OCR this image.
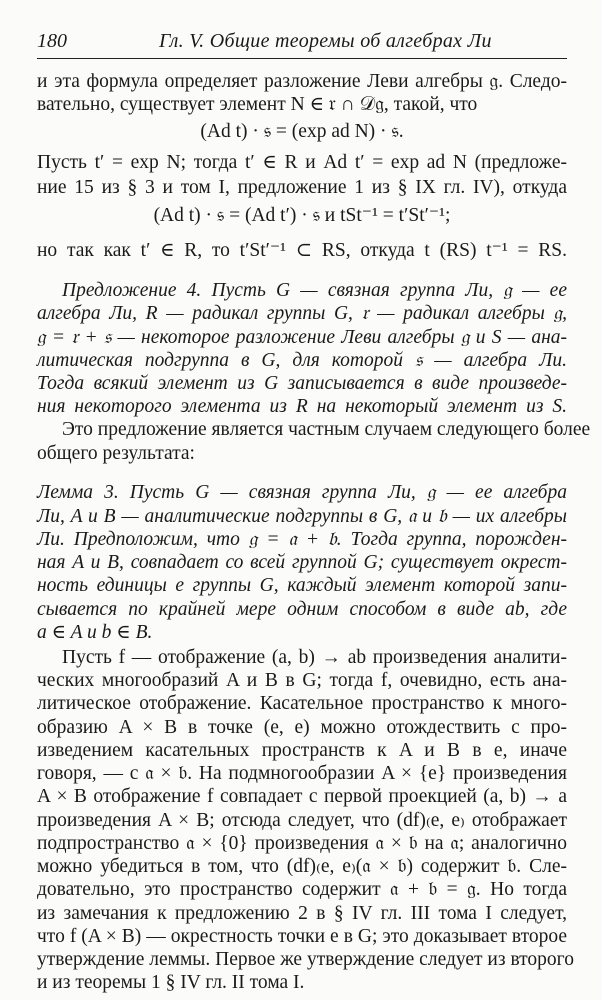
180	Гл. V. Общие теоремы об алгебрах Ли
и эта формула определяет разложение Леви алгебры 𝔤. Следо-
вательно, существует элемент N ∈ 𝔯 ∩ 𝒟𝔤, такой, что
(Ad t) · 𝔰 = (exp ad N) · 𝔰.
Пусть t′ = exp N; тогда t′ ∈ R и Ad t′ = exp ad N (предложе-
ние 15 из § 3 и том I, предложение 1 из § IX гл. IV), откуда
(Ad t) · 𝔰 = (Ad t′) · 𝔰 и tSt⁻¹ = t′St′⁻¹;
но так как t′ ∈ R, то t′St′⁻¹ ⊂ RS, откуда t (RS) t⁻¹ = RS.
Предложение 4. Пусть G — связная группа Ли, 𝔤 — ее
алгебра Ли, R — радикал группы G, 𝔯 — радикал алгебры 𝔤,
𝔤 = 𝔯 + 𝔰 — некоторое разложение Леви алгебры 𝔤 и S — ана-
литическая подгруппа в G, для которой 𝔰 — алгебра Ли.
Тогда всякий элемент из G записывается в виде произведе-
ния некоторого элемента из R на некоторый элемент из S.
Это предложение является частным случаем следующего более
общего результата:
Лемма 3. Пусть G — связная группа Ли, 𝔤 — ее алгебра
Ли, A и B — аналитические подгруппы в G, 𝔞 и 𝔟 — их алгебры
Ли. Предположим, что 𝔤 = 𝔞 + 𝔟. Тогда группа, порожден-
ная A и B, совпадает со всей группой G; существует окрест-
ность единицы e группы G, каждый элемент которой запи-
сывается по крайней мере одним способом в виде ab, где
a ∈ A и b ∈ B.
Пусть f — отображение (a, b) → ab произведения аналити-
ческих многообразий A и B в G; тогда f, очевидно, есть ана-
литическое отображение. Касательное пространство к много-
образию A × B в точке (e, e) можно отождествить с про-
изведением касательных пространств к A и B в e, иначе
говоря, — с 𝔞 × 𝔟. На подмногообразии A × {e} произведения
A × B отображение f совпадает с первой проекцией (a, b) → a
произведения A × B; отсюда следует, что (df)₍e, e₎ отображает
подпространство 𝔞 × {0} произведения 𝔞 × 𝔟 на 𝔞; аналогично
можно убедиться в том, что (df)₍e, e₎(𝔞 × 𝔟) содержит 𝔟. Сле-
довательно, это пространство содержит 𝔞 + 𝔟 = 𝔤. Но тогда
из замечания к предложению 2 в § IV гл. III тома I следует,
что f (A × B) — окрестность точки e в G; это доказывает второе
утверждение леммы. Первое же утверждение следует из второго
и из теоремы 1 § IV гл. II тома I.
